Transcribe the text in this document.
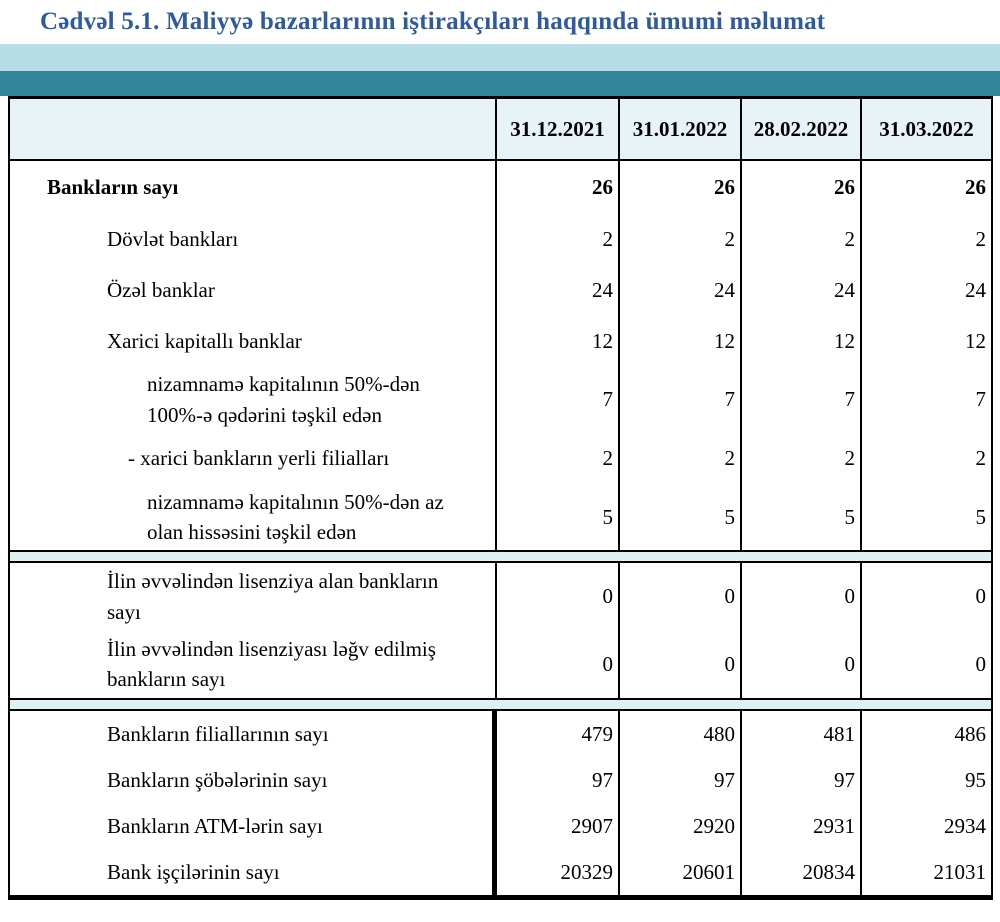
Cədvəl 5.1. Maliyyə bazarlarının iştirakçıları haqqında ümumi məlumat
31.12.2021	31.01.2022	28.02.2022	31.03.2022
Bankların sayı	26	26	26	26
Dövlət bankları	2	2	2	2
Özəl banklar	24	24	24	24
Xarici kapitallı banklar	12	12	12	12
nizamnamə kapitalının 50%-dən 100%-ə qədərini təşkil edən
7	7	7	7
- xarici bankların yerli filialları	2	2	2	2
nizamnamə kapitalının 50%-dən az olan hissəsini təşkil edən
5	5	5	5
İlin əvvəlindən lisenziya alan bankların sayı
0	0	0	0
İlin əvvəlindən lisenziyası ləğv edilmiş bankların sayı
0	0	0	0
Bankların filiallarının sayı	479	480	481	486
Bankların şöbələrinin sayı	97	97	97	95
Bankların ATM-lərin sayı	2907	2920	2931	2934
Bank işçilərinin sayı	20329	20601	20834	21031
